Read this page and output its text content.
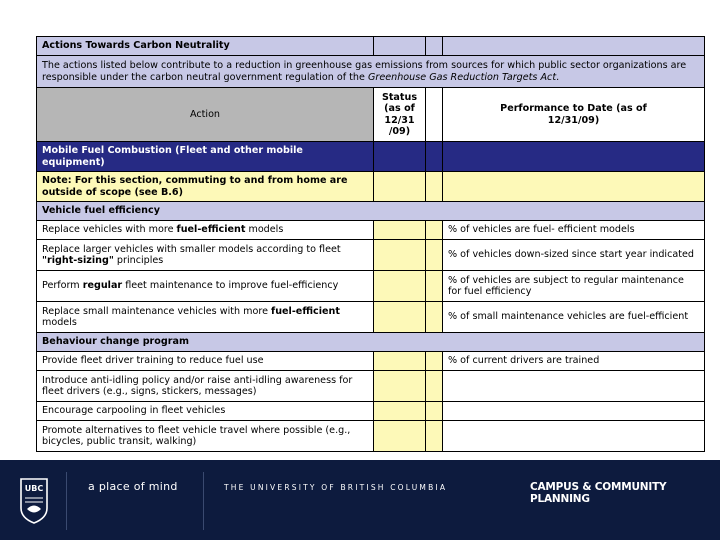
Actions Towards Carbon Neutrality			
The actions listed below contribute to a reduction in greenhouse gas emissions from sources for which public sector organizations are responsible under the carbon neutral government regulation of the Greenhouse Gas Reduction Targets Act.			
Action	Status (as of 12/31 /09)		Performance to Date (as of 12/31/09)

Mobile Fuel Combustion (Fleet and other mobile equipment)			
Note: For this section, commuting to and from home are outside of scope (see B.6)			
Vehicle fuel efficiency			
Replace vehicles with more fuel-efficient models			% of vehicles are fuel- efficient models
Replace larger vehicles with smaller models according to fleet "right-sizing" principles			% of vehicles down-sized since start year indicated
Perform regular fleet maintenance to improve fuel-efficiency			% of vehicles are subject to regular maintenance for fuel efficiency
Replace small maintenance vehicles with more fuel-efficient models			% of small maintenance vehicles are fuel-efficient
Behaviour change program			
Provide fleet driver training to reduce fuel use			% of current drivers are trained
Introduce anti-idling policy and/or raise anti-idling awareness for fleet drivers (e.g., signs, stickers, messages)			
Encourage carpooling in fleet vehicles			
Promote alternatives to fleet vehicle travel where possible (e.g., bicycles, public transit, walking)			
UBC	a place of mind	THE UNIVERSITY OF BRITISH COLUMBIA	CAMPUS & COMMUNITY PLANNING
